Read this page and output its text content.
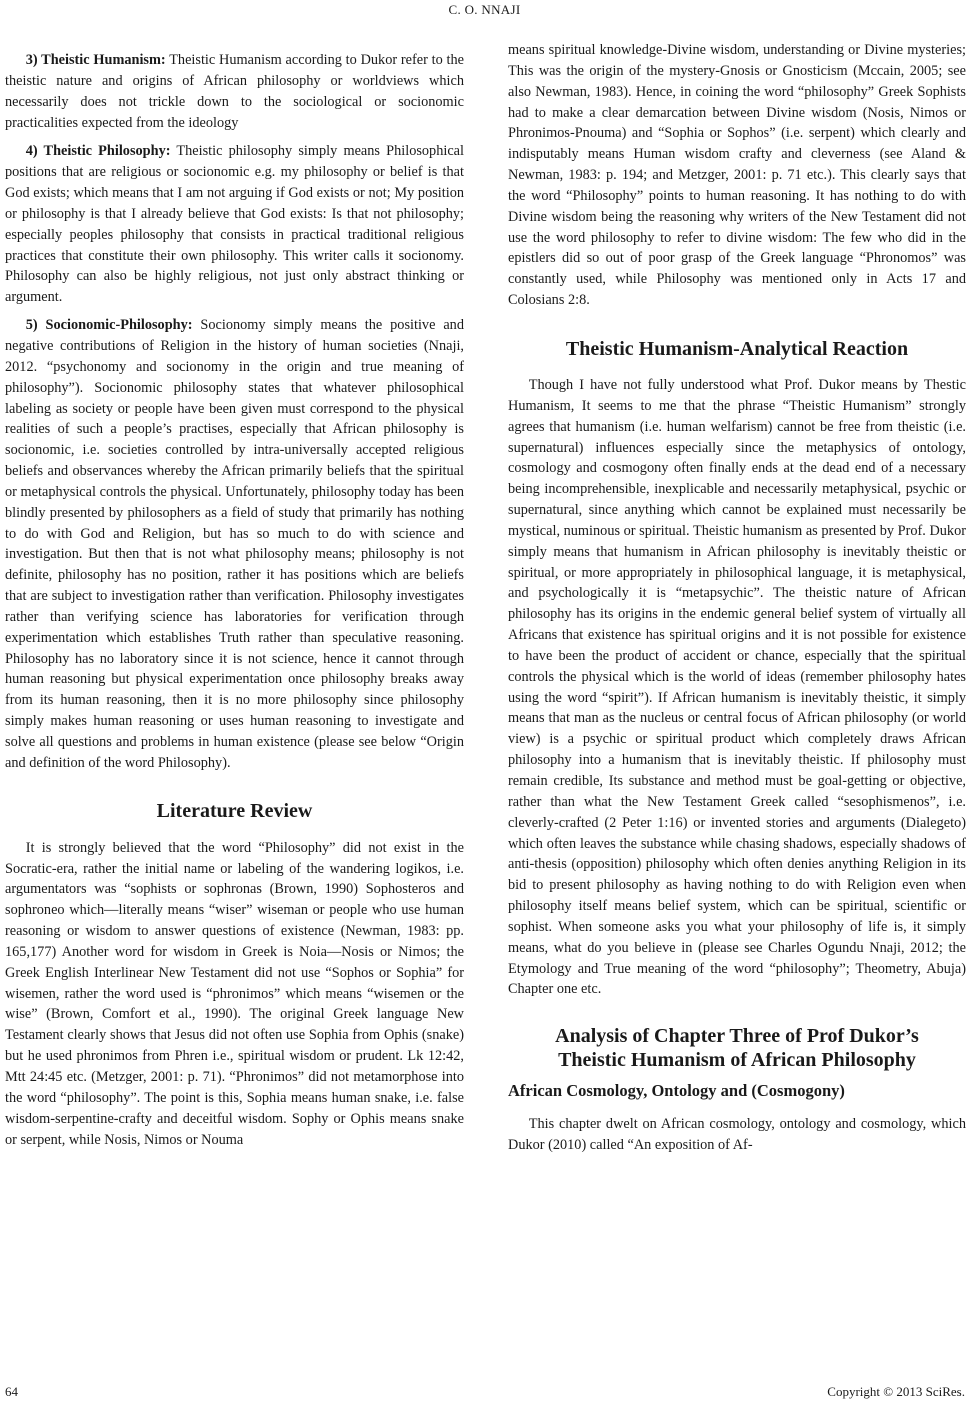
C. O. NNAJI

3) Theistic Humanism: Theistic Humanism according to Dukor refer to the theistic nature and origins of African philosophy or worldviews which necessarily does not trickle down to the sociological or socionomic practicalities expected from the ideology

4) Theistic Philosophy: Theistic philosophy simply means Philosophical positions that are religious or socionomic e.g. my philosophy or belief is that God exists; which means that I am not arguing if God exists or not; My position or philosophy is that I already believe that God exists: Is that not philosophy; especially peoples philosophy that consists in practical traditional religious practices that constitute their own philosophy. This writer calls it socionomy. Philosophy can also be highly religious, not just only abstract thinking or argument.

5) Socionomic-Philosophy: Socionomy simply means the positive and negative contributions of Religion in the history of human societies (Nnaji, 2012. “psychonomy and socionomy in the origin and true meaning of philosophy”). Socionomic philosophy states that whatever philosophical labeling as society or people have been given must correspond to the physical realities of such a people’s practises, especially that African philosophy is socionomic, i.e. societies controlled by intra-universally accepted religious beliefs and observances whereby the African primarily beliefs that the spiritual or metaphysical controls the physical. Unfortunately, philosophy today has been blindly presented by philosophers as a field of study that primarily has nothing to do with God and Religion, but has so much to do with science and investigation. But then that is not what philosophy means; philosophy is not definite, philosophy has no position, rather it has positions which are beliefs that are subject to investigation rather than verification. Philosophy investigates rather than verifying science has laboratories for verification through experimentation which establishes Truth rather than speculative reasoning. Philosophy has no laboratory since it is not science, hence it cannot through human reasoning but physical experimentation once philosophy breaks away from its human reasoning, then it is no more philosophy since philosophy simply makes human reasoning or uses human reasoning to investigate and solve all questions and problems in human existence (please see below “Origin and definition of the word Philosophy).

Literature Review

It is strongly believed that the word “Philosophy” did not exist in the Socratic-era, rather the initial name or labeling of the wandering logikos, i.e. argumentators was “sophists or sophronas (Brown, 1990) Sophosteros and sophroneo which—literally means “wiser” wiseman or people who use human reasoning or wisdom to answer questions of existence (Newman, 1983: pp. 165,177) Another word for wisdom in Greek is Noia—Nosis or Nimos; the Greek English Interlinear New Testament did not use “Sophos or Sophia” for wisemen, rather the word used is “phronimos” which means “wisemen or the wise” (Brown, Comfort et al., 1990). The original Greek language New Testament clearly shows that Jesus did not often use Sophia from Ophis (snake) but he used phronimos from Phren i.e., spiritual wisdom or prudent. Lk 12:42, Mtt 24:45 etc. (Metzger, 2001: p. 71). “Phronimos” did not metamorphose into the word “philosophy”. The point is this, Sophia means human snake, i.e. false wisdom-serpentine-crafty and deceitful wisdom. Sophy or Ophis means snake or serpent, while Nosis, Nimos or Nouma

means spiritual knowledge-Divine wisdom, understanding or Divine mysteries; This was the origin of the mystery-Gnosis or Gnosticism (Mccain, 2005; see also Newman, 1983). Hence, in coining the word “philosophy” Greek Sophists had to make a clear demarcation between Divine wisdom (Nosis, Nimos or Phronimos-Pnouma) and “Sophia or Sophos” (i.e. serpent) which clearly and indisputably means Human wisdom crafty and cleverness (see Aland & Newman, 1983: p. 194; and Metzger, 2001: p. 71 etc.). This clearly says that the word “Philosophy” points to human reasoning. It has nothing to do with Divine wisdom being the reasoning why writers of the New Testament did not use the word philosophy to refer to divine wisdom: The few who did in the epistlers did so out of poor grasp of the Greek language “Phronomos” was constantly used, while Philosophy was mentioned only in Acts 17 and Colosians 2:8.

Theistic Humanism-Analytical Reaction

Though I have not fully understood what Prof. Dukor means by Thestic Humanism, It seems to me that the phrase “Theistic Humanism” strongly agrees that humanism (i.e. human welfarism) cannot be free from theistic (i.e. supernatural) influences especially since the metaphysics of ontology, cosmology and cosmogony often finally ends at the dead end of a necessary being incomprehensible, inexplicable and necessarily metaphysical, psychic or supernatural, since anything which cannot be explained must necessarily be mystical, numinous or spiritual. Theistic humanism as presented by Prof. Dukor simply means that humanism in African philosophy is inevitably theistic or spiritual, or more appropriately in philosophical language, it is metaphysical, and psychologically it is “metapsychic”. The theistic nature of African philosophy has its origins in the endemic general belief system of virtually all Africans that existence has spiritual origins and it is not possible for existence to have been the product of accident or chance, especially that the spiritual controls the physical which is the world of ideas (remember philosophy hates using the word “spirit”). If African humanism is inevitably theistic, it simply means that man as the nucleus or central focus of African philosophy (or world view) is a psychic or spiritual product which completely draws African philosophy into a humanism that is inevitably theistic. If philosophy must remain credible, Its substance and method must be goal-getting or objective, rather than what the New Testament Greek called “sesophismenos”, i.e. cleverly-crafted (2 Peter 1:16) or invented stories and arguments (Dialegeto) which often leaves the substance while chasing shadows, especially shadows of anti-thesis (opposition) philosophy which often denies anything Religion in its bid to present philosophy as having nothing to do with Religion even when philosophy itself means belief system, which can be spiritual, scientific or sophist. When someone asks you what your philosophy of life is, it simply means, what do you believe in (please see Charles Ogundu Nnaji, 2012; the Etymology and True meaning of the word “philosophy”; Theometry, Abuja) Chapter one etc.

Analysis of Chapter Three of Prof Dukor’s
Theistic Humanism of African Philosophy
African Cosmology, Ontology and (Cosmogony)

This chapter dwelt on African cosmology, ontology and cosmology, which Dukor (2010) called “An exposition of Af-

64	Copyright © 2013 SciRes.
